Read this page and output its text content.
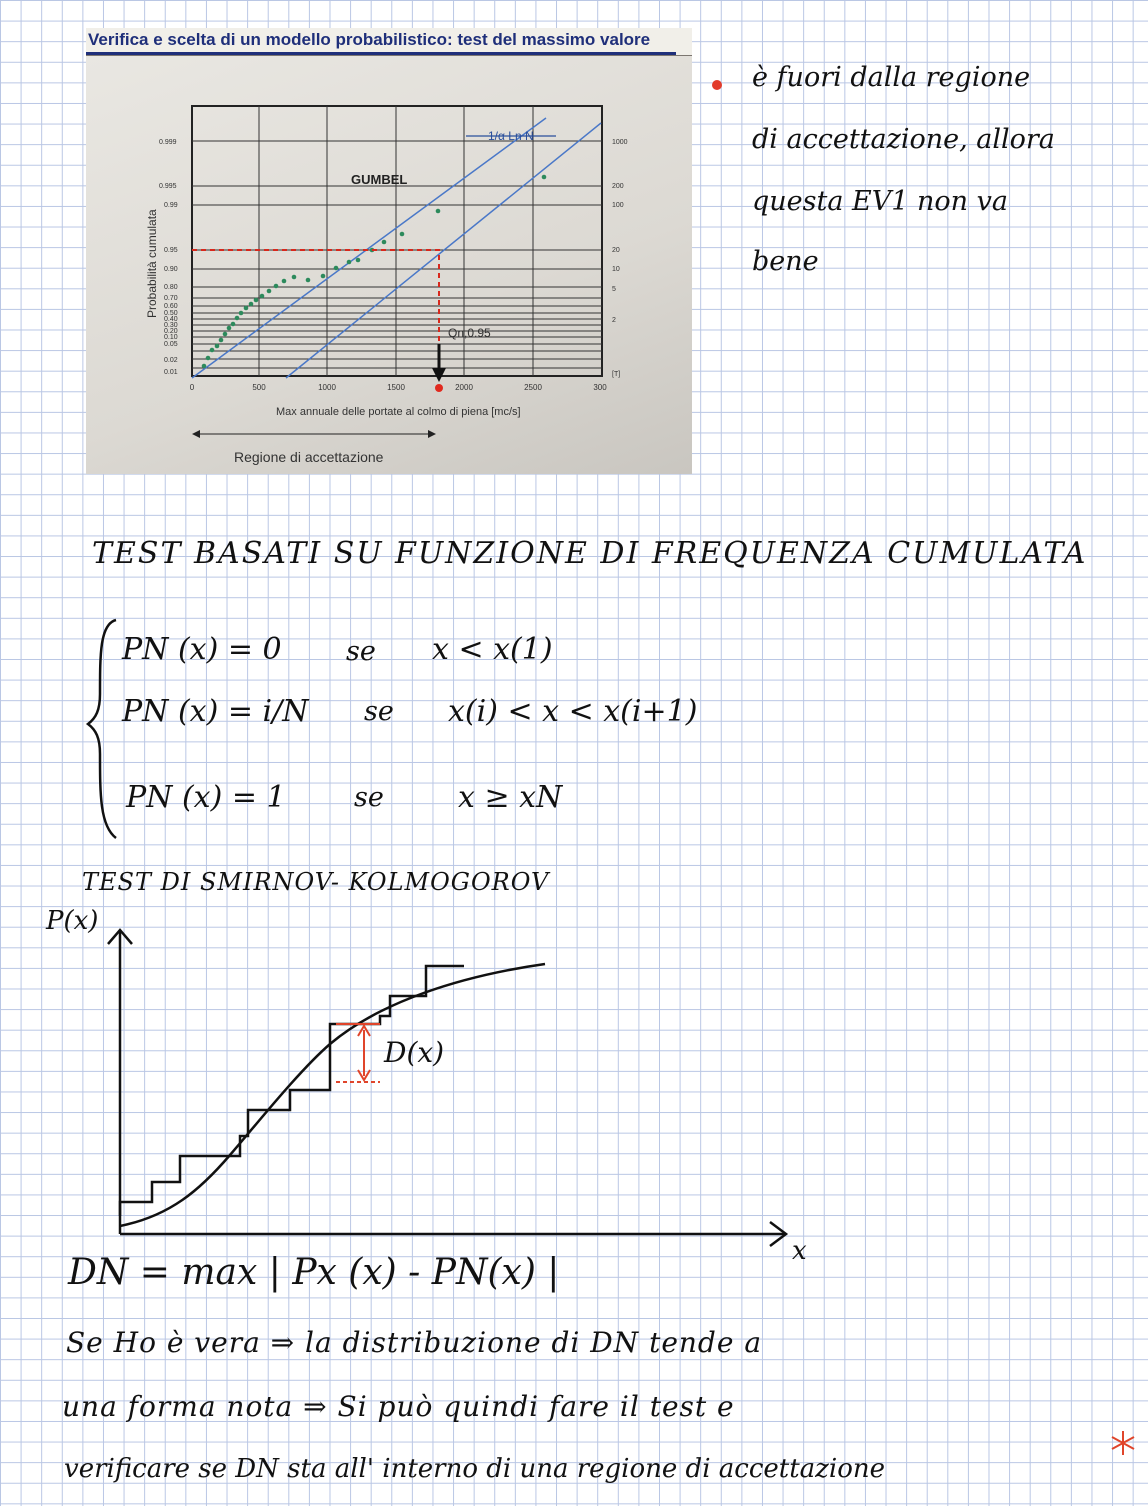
Verifica e scelta di un modello probabilistico: test del massimo valore
1/α Ln N
Qn,0.95
GUMBEL
Probabilità cumulata
0.999
0.995
0.99
0.95
0.90
0.80
0.70
0.60
0.50
0.40
0.30
0.20
0.10
0.05
0.02
0.01
1000
200
100
20
10
5
2
[T]
0	500	1000	1500	2000	2500	300
Max annuale delle portate al colmo di piena [mc/s]
Regione di accettazione
è fuori dalla regione
di accettazione, allora
questa EV1 non va
bene
TEST BASATI SU FUNZIONE DI FREQUENZA CUMULATA
PN (x) = 0 se x < x(1)
PN (x) = i/N se x(i) < x < x(i+1)
PN (x) = 1	se x ≥ xN
TEST DI SMIRNOV- KOLMOGOROV
P(x)
x
D(x)
DN = max | Px (x) - PN(x) |
Se Ho è vera ⇒ la distribuzione di DN tende a
una forma nota ⇒ Si può quindi fare il test e
verificare se DN sta all' interno di una regione di accettazione
